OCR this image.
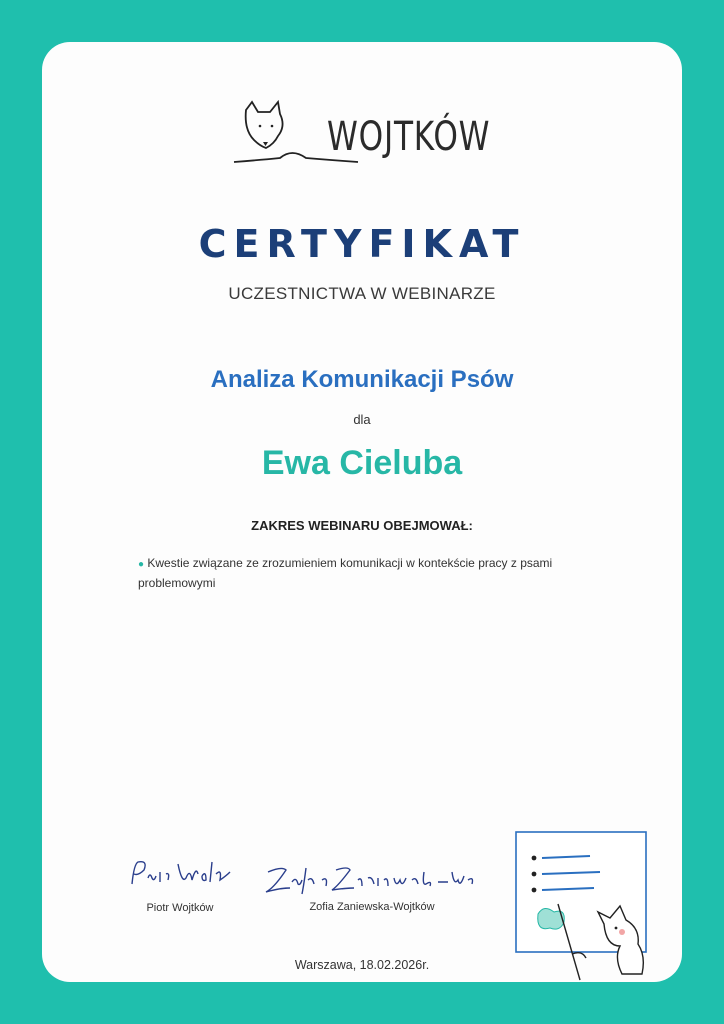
WOJTKÓW
CERTYFIKAT
UCZESTNICTWA W WEBINARZE
Analiza Komunikacji Psów
dla
Ewa Cieluba
ZAKRES WEBINARU OBEJMOWAŁ:
● Kwestie związane ze zrozumieniem komunikacji w kontekście pracy z psami problemowymi
Piotr Wojtków	Zofia Zaniewska-Wojtków
Warszawa, 18.02.2026r.
